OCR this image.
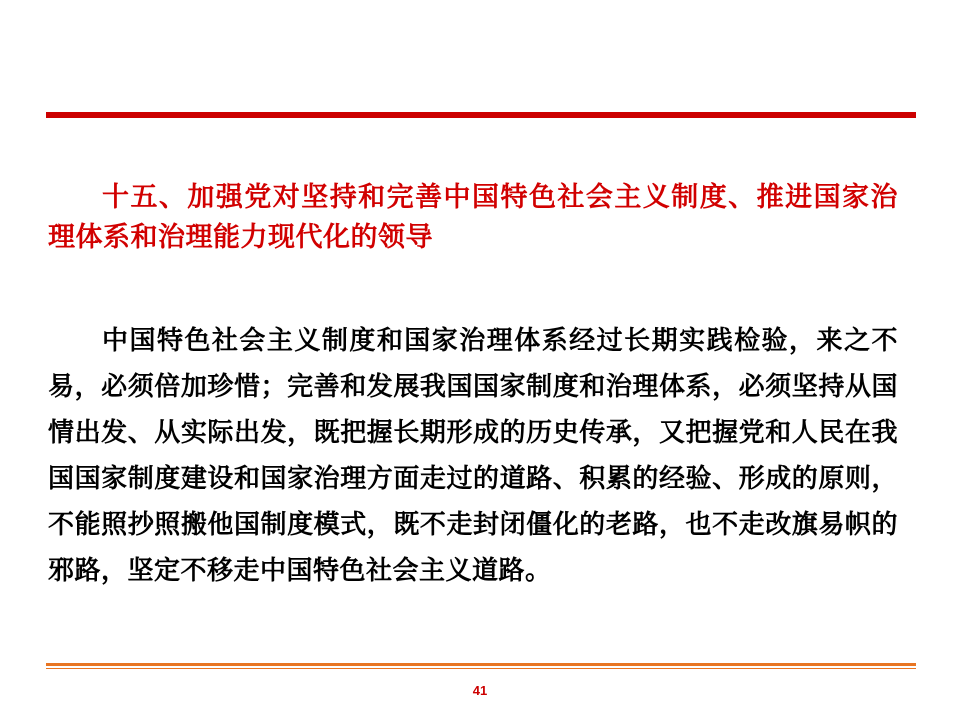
十五、加强党对坚持和完善中国特色社会主义制度、推进国家治理体系和治理能力现代化的领导

中国特色社会主义制度和国家治理体系经过长期实践检验，来之不易，必须倍加珍惜；完善和发展我国国家制度和治理体系，必须坚持从国情出发、从实际出发，既把握长期形成的历史传承，又把握党和人民在我国国家制度建设和国家治理方面走过的道路、积累的经验、形成的原则，不能照抄照搬他国制度模式，既不走封闭僵化的老路，也不走改旗易帜的邪路，坚定不移走中国特色社会主义道路。

41
